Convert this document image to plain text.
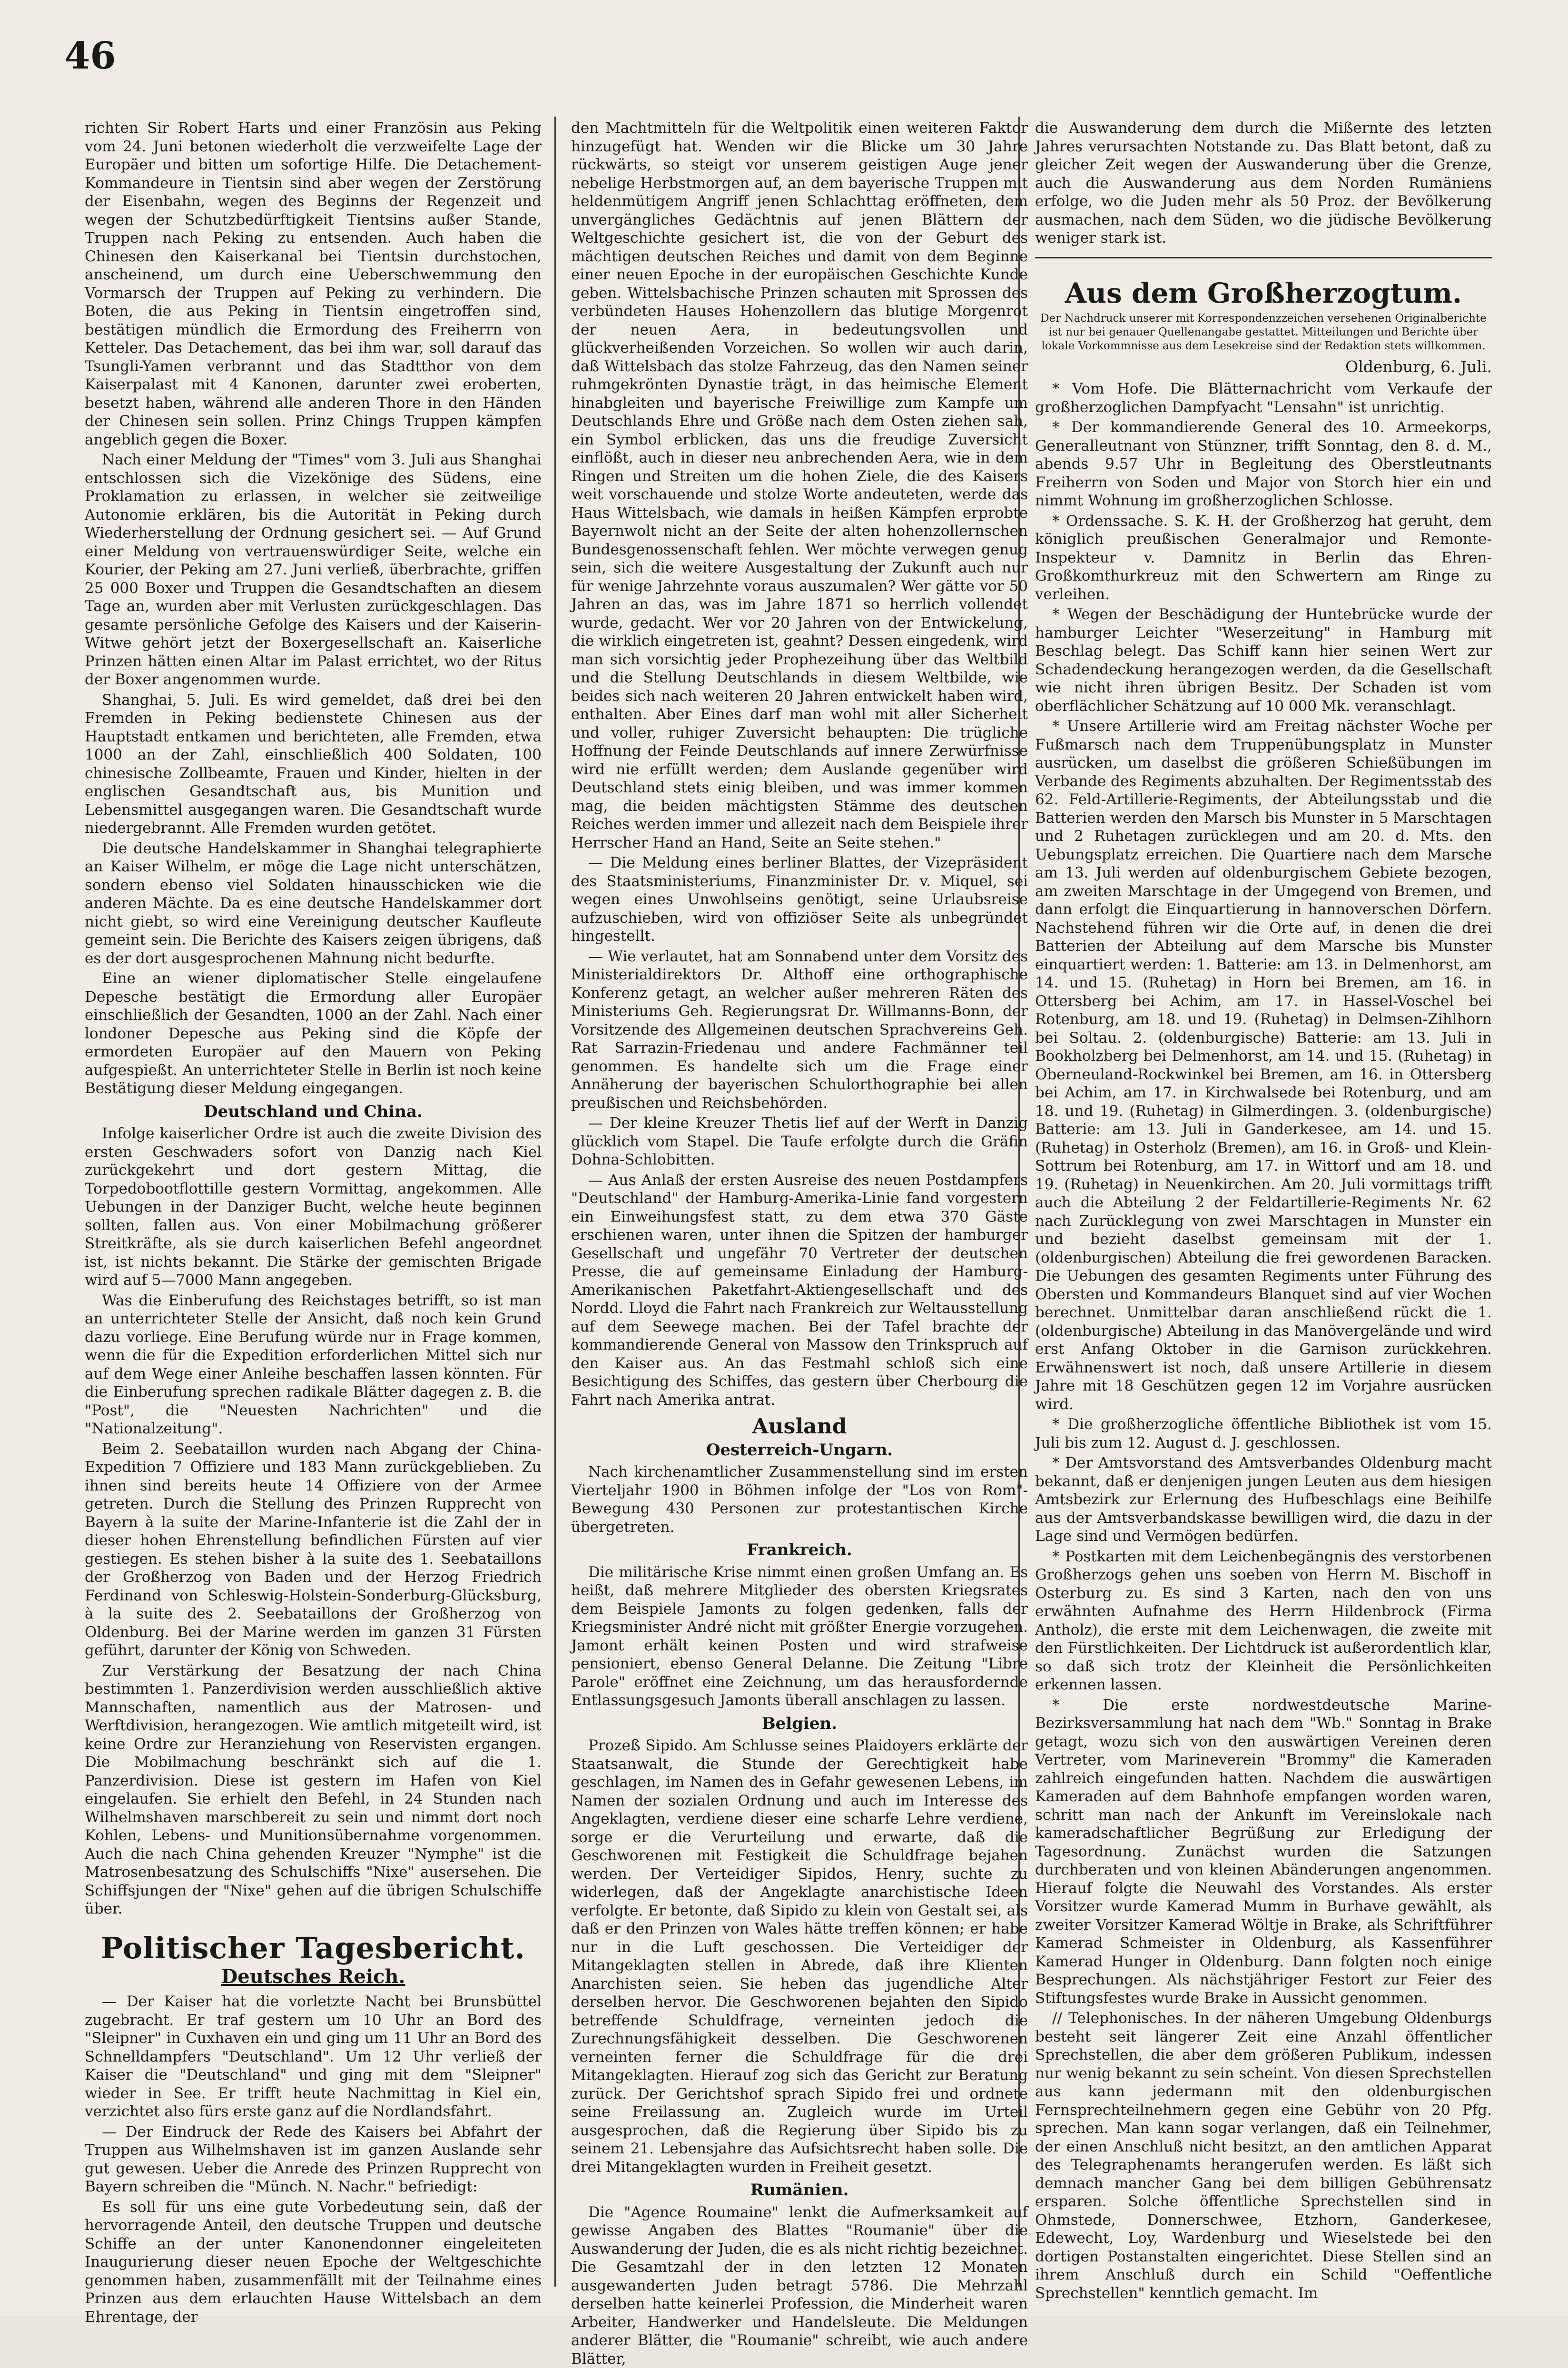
46

richten Sir Robert Harts und einer Französin aus Peking vom 24. Juni betonen wiederholt die verzweifelte Lage der Europäer und bitten um sofortige Hilfe. Die Detachement-Kommandeure in Tientsin sind aber wegen der Zerstörung der Eisenbahn, wegen des Beginns der Regenzeit und wegen der Schutzbedürftigkeit Tientsins außer Stande, Truppen nach Peking zu entsenden. Auch haben die Chinesen den Kaiserkanal bei Tientsin durchstochen, anscheinend, um durch eine Ueberschwemmung den Vormarsch der Truppen auf Peking zu verhindern. Die Boten, die aus Peking in Tientsin eingetroffen sind, bestätigen mündlich die Ermordung des Freiherrn von Ketteler. Das Detachement, das bei ihm war, soll darauf das Tsungli-Yamen verbrannt und das Stadtthor von dem Kaiserpalast mit 4 Kanonen, darunter zwei eroberten, besetzt haben, während alle anderen Thore in den Händen der Chinesen sein sollen. Prinz Chings Truppen kämpfen angeblich gegen die Boxer.

Nach einer Meldung der "Times" vom 3. Juli aus Shanghai entschlossen sich die Vizekönige des Südens, eine Proklamation zu erlassen, in welcher sie zeitweilige Autonomie erklären, bis die Autorität in Peking durch Wiederherstellung der Ordnung gesichert sei. — Auf Grund einer Meldung von vertrauenswürdiger Seite, welche ein Kourier, der Peking am 27. Juni verließ, überbrachte, griffen 25 000 Boxer und Truppen die Gesandtschaften an diesem Tage an, wurden aber mit Verlusten zurückgeschlagen. Das gesamte persönliche Gefolge des Kaisers und der Kaiserin-Witwe gehört jetzt der Boxergesellschaft an. Kaiserliche Prinzen hätten einen Altar im Palast errichtet, wo der Ritus der Boxer angenommen wurde.

Shanghai, 5. Juli. Es wird gemeldet, daß drei bei den Fremden in Peking bedienstete Chinesen aus der Hauptstadt entkamen und berichteten, alle Fremden, etwa 1000 an der Zahl, einschließlich 400 Soldaten, 100 chinesische Zollbeamte, Frauen und Kinder, hielten in der englischen Gesandtschaft aus, bis Munition und Lebensmittel ausgegangen waren. Die Gesandtschaft wurde niedergebrannt. Alle Fremden wurden getötet.

Die deutsche Handelskammer in Shanghai telegraphierte an Kaiser Wilhelm, er möge die Lage nicht unterschätzen, sondern ebenso viel Soldaten hinausschicken wie die anderen Mächte. Da es eine deutsche Handelskammer dort nicht giebt, so wird eine Vereinigung deutscher Kaufleute gemeint sein. Die Berichte des Kaisers zeigen übrigens, daß es der dort ausgesprochenen Mahnung nicht bedurfte.

Eine an wiener diplomatischer Stelle eingelaufene Depesche bestätigt die Ermordung aller Europäer einschließlich der Gesandten, 1000 an der Zahl. Nach einer londoner Depesche aus Peking sind die Köpfe der ermordeten Europäer auf den Mauern von Peking aufgespießt. An unterrichteter Stelle in Berlin ist noch keine Bestätigung dieser Meldung eingegangen.

Deutschland und China.

Infolge kaiserlicher Ordre ist auch die zweite Division des ersten Geschwaders sofort von Danzig nach Kiel zurückgekehrt und dort gestern Mittag, die Torpedobootflottille gestern Vormittag, angekommen. Alle Uebungen in der Danziger Bucht, welche heute beginnen sollten, fallen aus. Von einer Mobilmachung größerer Streitkräfte, als sie durch kaiserlichen Befehl angeordnet ist, ist nichts bekannt. Die Stärke der gemischten Brigade wird auf 5—7000 Mann angegeben.

Was die Einberufung des Reichstages betrifft, so ist man an unterrichteter Stelle der Ansicht, daß noch kein Grund dazu vorliege. Eine Berufung würde nur in Frage kommen, wenn die für die Expedition erforderlichen Mittel sich nur auf dem Wege einer Anleihe beschaffen lassen könnten. Für die Einberufung sprechen radikale Blätter dagegen z. B. die "Post", die "Neuesten Nachrichten" und die "Nationalzeitung".

Beim 2. Seebataillon wurden nach Abgang der China-Expedition 7 Offiziere und 183 Mann zurückgeblieben. Zu ihnen sind bereits heute 14 Offiziere von der Armee getreten. Durch die Stellung des Prinzen Rupprecht von Bayern à la suite der Marine-Infanterie ist die Zahl der in dieser hohen Ehrenstellung befindlichen Fürsten auf vier gestiegen. Es stehen bisher à la suite des 1. Seebataillons der Großherzog von Baden und der Herzog Friedrich Ferdinand von Schleswig-Holstein-Sonderburg-Glücksburg, à la suite des 2. Seebataillons der Großherzog von Oldenburg. Bei der Marine werden im ganzen 31 Fürsten geführt, darunter der König von Schweden.

Zur Verstärkung der Besatzung der nach China bestimmten 1. Panzerdivision werden ausschließlich aktive Mannschaften, namentlich aus der Matrosen- und Werftdivision, herangezogen. Wie amtlich mitgeteilt wird, ist keine Ordre zur Heranziehung von Reservisten ergangen. Die Mobilmachung beschränkt sich auf die 1. Panzerdivision. Diese ist gestern im Hafen von Kiel eingelaufen. Sie erhielt den Befehl, in 24 Stunden nach Wilhelmshaven marschbereit zu sein und nimmt dort noch Kohlen, Lebens- und Munitionsübernahme vorgenommen. Auch die nach China gehenden Kreuzer "Nymphe" ist die Matrosenbesatzung des Schulschiffs "Nixe" ausersehen. Die Schiffsjungen der "Nixe" gehen auf die übrigen Schulschiffe über.

Politischer Tagesbericht.
Deutsches Reich.

— Der Kaiser hat die vorletzte Nacht bei Brunsbüttel zugebracht. Er traf gestern um 10 Uhr an Bord des "Sleipner" in Cuxhaven ein und ging um 11 Uhr an Bord des Schnelldampfers "Deutschland". Um 12 Uhr verließ der Kaiser die "Deutschland" und ging mit dem "Sleipner" wieder in See. Er trifft heute Nachmittag in Kiel ein, verzichtet also fürs erste ganz auf die Nordlandsfahrt.

— Der Eindruck der Rede des Kaisers bei Abfahrt der Truppen aus Wilhelmshaven ist im ganzen Auslande sehr gut gewesen. Ueber die Anrede des Prinzen Rupprecht von Bayern schreiben die "Münch. N. Nachr." befriedigt:

Es soll für uns eine gute Vorbedeutung sein, daß der hervorragende Anteil, den deutsche Truppen und deutsche Schiffe an der unter Kanonendonner eingeleiteten Inaugurierung dieser neuen Epoche der Weltgeschichte genommen haben, zusammenfällt mit der Teilnahme eines Prinzen aus dem erlauchten Hause Wittelsbach an dem Ehrentage, der

den Machtmitteln für die Weltpolitik einen weiteren Faktor hinzugefügt hat. Wenden wir die Blicke um 30 Jahre rückwärts, so steigt vor unserem geistigen Auge jener nebelige Herbstmorgen auf, an dem bayerische Truppen mit heldenmütigem Angriff jenen Schlachttag eröffneten, dem unvergängliches Gedächtnis auf jenen Blättern der Weltgeschichte gesichert ist, die von der Geburt des mächtigen deutschen Reiches und damit von dem Beginne einer neuen Epoche in der europäischen Geschichte Kunde geben. Wittelsbachische Prinzen schauten mit Sprossen des verbündeten Hauses Hohenzollern das blutige Morgenrot der neuen Aera, in bedeutungsvollen und glückverheißenden Vorzeichen. So wollen wir auch darin, daß Wittelsbach das stolze Fahrzeug, das den Namen seiner ruhmgekrönten Dynastie trägt, in das heimische Element hinabgleiten und bayerische Freiwillige zum Kampfe um Deutschlands Ehre und Größe nach dem Osten ziehen sah, ein Symbol erblicken, das uns die freudige Zuversicht einflößt, auch in dieser neu anbrechenden Aera, wie in dem Ringen und Streiten um die hohen Ziele, die des Kaisers weit vorschauende und stolze Worte andeuteten, werde das Haus Wittelsbach, wie damals in heißen Kämpfen erprobte Bayernwolt nicht an der Seite der alten hohenzollernschen Bundesgenossenschaft fehlen. Wer möchte verwegen genug sein, sich die weitere Ausgestaltung der Zukunft auch nur für wenige Jahrzehnte voraus auszumalen? Wer gätte vor 50 Jahren an das, was im Jahre 1871 so herrlich vollendet wurde, gedacht. Wer vor 20 Jahren von der Entwickelung, die wirklich eingetreten ist, geahnt? Dessen eingedenk, wird man sich vorsichtig jeder Prophezeihung über das Weltbild und die Stellung Deutschlands in diesem Weltbilde, wie beides sich nach weiteren 20 Jahren entwickelt haben wird, enthalten. Aber Eines darf man wohl mit aller Sicherheit und voller, ruhiger Zuversicht behaupten: Die trügliche Hoffnung der Feinde Deutschlands auf innere Zerwürfnisse wird nie erfüllt werden; dem Auslande gegenüber wird Deutschland stets einig bleiben, und was immer kommen mag, die beiden mächtigsten Stämme des deutschen Reiches werden immer und allezeit nach dem Beispiele ihrer Herrscher Hand an Hand, Seite an Seite stehen."

— Die Meldung eines berliner Blattes, der Vizepräsident des Staatsministeriums, Finanzminister Dr. v. Miquel, sei wegen eines Unwohlseins genötigt, seine Urlaubsreise aufzuschieben, wird von offiziöser Seite als unbegründet hingestellt.

— Wie verlautet, hat am Sonnabend unter dem Vorsitz des Ministerialdirektors Dr. Althoff eine orthographische Konferenz getagt, an welcher außer mehreren Räten des Ministeriums Geh. Regierungsrat Dr. Willmanns-Bonn, der Vorsitzende des Allgemeinen deutschen Sprachvereins Geh. Rat Sarrazin-Friedenau und andere Fachmänner teil genommen. Es handelte sich um die Frage einer Annäherung der bayerischen Schulorthographie bei allen preußischen und Reichsbehörden.

— Der kleine Kreuzer Thetis lief auf der Werft in Danzig glücklich vom Stapel. Die Taufe erfolgte durch die Gräfin Dohna-Schlobitten.

— Aus Anlaß der ersten Ausreise des neuen Postdampfers "Deutschland" der Hamburg-Amerika-Linie fand vorgestern ein Einweihungsfest statt, zu dem etwa 370 Gäste erschienen waren, unter ihnen die Spitzen der hamburger Gesellschaft und ungefähr 70 Vertreter der deutschen Presse, die auf gemeinsame Einladung der Hamburg-Amerikanischen Paketfahrt-Aktiengesellschaft und des Nordd. Lloyd die Fahrt nach Frankreich zur Weltausstellung auf dem Seewege machen. Bei der Tafel brachte der kommandierende General von Massow den Trinkspruch auf den Kaiser aus. An das Festmahl schloß sich eine Besichtigung des Schiffes, das gestern über Cherbourg die Fahrt nach Amerika antrat.

Ausland
Oesterreich-Ungarn.

Nach kirchenamtlicher Zusammenstellung sind im ersten Vierteljahr 1900 in Böhmen infolge der "Los von Rom"-Bewegung 430 Personen zur protestantischen Kirche übergetreten.

Frankreich.

Die militärische Krise nimmt einen großen Umfang an. Es heißt, daß mehrere Mitglieder des obersten Kriegsrates dem Beispiele Jamonts zu folgen gedenken, falls der Kriegsminister André nicht mit größter Energie vorzugehen. Jamont erhält keinen Posten und wird strafweise pensioniert, ebenso General Delanne. Die Zeitung "Libre Parole" eröffnet eine Zeichnung, um das herausfordernde Entlassungsgesuch Jamonts überall anschlagen zu lassen.

Belgien.

Prozeß Sipido. Am Schlusse seines Plaidoyers erklärte der Staatsanwalt, die Stunde der Gerechtigkeit habe geschlagen, im Namen des in Gefahr gewesenen Lebens, im Namen der sozialen Ordnung und auch im Interesse des Angeklagten, verdiene dieser eine scharfe Lehre verdiene, sorge er die Verurteilung und erwarte, daß die Geschworenen mit Festigkeit die Schuldfrage bejahen werden. Der Verteidiger Sipidos, Henry, suchte zu widerlegen, daß der Angeklagte anarchistische Ideen verfolgte. Er betonte, daß Sipido zu klein von Gestalt sei, als daß er den Prinzen von Wales hätte treffen können; er habe nur in die Luft geschossen. Die Verteidiger der Mitangeklagten stellen in Abrede, daß ihre Klienten Anarchisten seien. Sie heben das jugendliche Alter derselben hervor. Die Geschworenen bejahten den Sipido betreffende Schuldfrage, verneinten jedoch die Zurechnungsfähigkeit desselben. Die Geschworenen verneinten ferner die Schuldfrage für die drei Mitangeklagten. Hierauf zog sich das Gericht zur Beratung zurück. Der Gerichtshof sprach Sipido frei und ordnete seine Freilassung an. Zugleich wurde im Urteil ausgesprochen, daß die Regierung über Sipido bis zu seinem 21. Lebensjahre das Aufsichtsrecht haben solle. Die drei Mitangeklagten wurden in Freiheit gesetzt.

Rumänien.

Die "Agence Roumaine" lenkt die Aufmerksamkeit auf gewisse Angaben des Blattes "Roumanie" über die Auswanderung der Juden, die es als nicht richtig bezeichnet. Die Gesamtzahl der in den letzten 12 Monaten ausgewanderten Juden betragt 5786. Die Mehrzahl derselben hatte keinerlei Profession, die Minderheit waren Arbeiter, Handwerker und Handelsleute. Die Meldungen anderer Blätter, die "Roumanie" schreibt, wie auch andere Blätter,

die Auswanderung dem durch die Mißernte des letzten Jahres verursachten Notstande zu. Das Blatt betont, daß zu gleicher Zeit wegen der Auswanderung über die Grenze, auch die Auswanderung aus dem Norden Rumäniens erfolge, wo die Juden mehr als 50 Proz. der Bevölkerung ausmachen, nach dem Süden, wo die jüdische Bevölkerung weniger stark ist.

Aus dem Großherzogtum.
Der Nachdruck unserer mit Korrespondenzzeichen versehenen Originalberichte ist nur bei genauer Quellenangabe gestattet. Mitteilungen und Berichte über lokale Vorkommnisse aus dem Lesekreise sind der Redaktion stets willkommen.
Oldenburg, 6. Juli.

* Vom Hofe. Die Blätternachricht vom Verkaufe der großherzoglichen Dampfyacht "Lensahn" ist unrichtig.

* Der kommandierende General des 10. Armeekorps, Generalleutnant von Stünzner, trifft Sonntag, den 8. d. M., abends 9.57 Uhr in Begleitung des Oberstleutnants Freiherrn von Soden und Major von Storch hier ein und nimmt Wohnung im großherzoglichen Schlosse.

* Ordenssache. S. K. H. der Großherzog hat geruht, dem königlich preußischen Generalmajor und Remonte-Inspekteur v. Damnitz in Berlin das Ehren-Großkomthurkreuz mit den Schwertern am Ringe zu verleihen.

* Wegen der Beschädigung der Huntebrücke wurde der hamburger Leichter "Weserzeitung" in Hamburg mit Beschlag belegt. Das Schiff kann hier seinen Wert zur Schadendeckung herangezogen werden, da die Gesellschaft wie nicht ihren übrigen Besitz. Der Schaden ist vom oberflächlicher Schätzung auf 10 000 Mk. veranschlagt.

* Unsere Artillerie wird am Freitag nächster Woche per Fußmarsch nach dem Truppenübungsplatz in Munster ausrücken, um daselbst die größeren Schießübungen im Verbande des Regiments abzuhalten. Der Regimentsstab des 62. Feld-Artillerie-Regiments, der Abteilungsstab und die Batterien werden den Marsch bis Munster in 5 Marschtagen und 2 Ruhetagen zurücklegen und am 20. d. Mts. den Uebungsplatz erreichen. Die Quartiere nach dem Marsche am 13. Juli werden auf oldenburgischem Gebiete bezogen, am zweiten Marschtage in der Umgegend von Bremen, und dann erfolgt die Einquartierung in hannoverschen Dörfern. Nachstehend führen wir die Orte auf, in denen die drei Batterien der Abteilung auf dem Marsche bis Munster einquartiert werden: 1. Batterie: am 13. in Delmenhorst, am 14. und 15. (Ruhetag) in Horn bei Bremen, am 16. in Ottersberg bei Achim, am 17. in Hassel-Voschel bei Rotenburg, am 18. und 19. (Ruhetag) in Delmsen-Zihlhorn bei Soltau. 2. (oldenburgische) Batterie: am 13. Juli in Bookholzberg bei Delmenhorst, am 14. und 15. (Ruhetag) in Oberneuland-Rockwinkel bei Bremen, am 16. in Ottersberg bei Achim, am 17. in Kirchwalsede bei Rotenburg, und am 18. und 19. (Ruhetag) in Gilmerdingen. 3. (oldenburgische) Batterie: am 13. Juli in Ganderkesee, am 14. und 15. (Ruhetag) in Osterholz (Bremen), am 16. in Groß- und Klein-Sottrum bei Rotenburg, am 17. in Wittorf und am 18. und 19. (Ruhetag) in Neuenkirchen. Am 20. Juli vormittags trifft auch die Abteilung 2 der Feldartillerie-Regiments Nr. 62 nach Zurücklegung von zwei Marschtagen in Munster ein und bezieht daselbst gemeinsam mit der 1. (oldenburgischen) Abteilung die frei gewordenen Baracken. Die Uebungen des gesamten Regiments unter Führung des Obersten und Kommandeurs Blanquet sind auf vier Wochen berechnet. Unmittelbar daran anschließend rückt die 1. (oldenburgische) Abteilung in das Manövergelände und wird erst Anfang Oktober in die Garnison zurückkehren. Erwähnenswert ist noch, daß unsere Artillerie in diesem Jahre mit 18 Geschützen gegen 12 im Vorjahre ausrücken wird.

* Die großherzogliche öffentliche Bibliothek ist vom 15. Juli bis zum 12. August d. J. geschlossen.

* Der Amtsvorstand des Amtsverbandes Oldenburg macht bekannt, daß er denjenigen jungen Leuten aus dem hiesigen Amtsbezirk zur Erlernung des Hufbeschlags eine Beihilfe aus der Amtsverbandskasse bewilligen wird, die dazu in der Lage sind und Vermögen bedürfen.

* Postkarten mit dem Leichenbegängnis des verstorbenen Großherzogs gehen uns soeben von Herrn M. Bischoff in Osterburg zu. Es sind 3 Karten, nach den von uns erwähnten Aufnahme des Herrn Hildenbrock (Firma Antholz), die erste mit dem Leichenwagen, die zweite mit den Fürstlichkeiten. Der Lichtdruck ist außerordentlich klar, so daß sich trotz der Kleinheit die Persönlichkeiten erkennen lassen.

* Die erste nordwestdeutsche Marine-Bezirksversammlung hat nach dem "Wb." Sonntag in Brake getagt, wozu sich von den auswärtigen Vereinen deren Vertreter, vom Marineverein "Brommy" die Kameraden zahlreich eingefunden hatten. Nachdem die auswärtigen Kameraden auf dem Bahnhofe empfangen worden waren, schritt man nach der Ankunft im Vereinslokale nach kameradschaftlicher Begrüßung zur Erledigung der Tagesordnung. Zunächst wurden die Satzungen durchberaten und von kleinen Abänderungen angenommen. Hierauf folgte die Neuwahl des Vorstandes. Als erster Vorsitzer wurde Kamerad Mumm in Burhave gewählt, als zweiter Vorsitzer Kamerad Wöltje in Brake, als Schriftführer Kamerad Schmeister in Oldenburg, als Kassenführer Kamerad Hunger in Oldenburg. Dann folgten noch einige Besprechungen. Als nächstjähriger Festort zur Feier des Stiftungsfestes wurde Brake in Aussicht genommen.

// Telephonisches. In der näheren Umgebung Oldenburgs besteht seit längerer Zeit eine Anzahl öffentlicher Sprechstellen, die aber dem größeren Publikum, indessen nur wenig bekannt zu sein scheint. Von diesen Sprechstellen aus kann jedermann mit den oldenburgischen Fernsprechteilnehmern gegen eine Gebühr von 20 Pfg. sprechen. Man kann sogar verlangen, daß ein Teilnehmer, der einen Anschluß nicht besitzt, an den amtlichen Apparat des Telegraphenamts herangerufen werden. Es läßt sich demnach mancher Gang bei dem billigen Gebührensatz ersparen. Solche öffentliche Sprechstellen sind in Ohmstede, Donnerschwee, Etzhorn, Ganderkesee, Edewecht, Loy, Wardenburg und Wieselstede bei den dortigen Postanstalten eingerichtet. Diese Stellen sind an ihrem Anschluß durch ein Schild "Oeffentliche Sprechstellen" kenntlich gemacht. Im
